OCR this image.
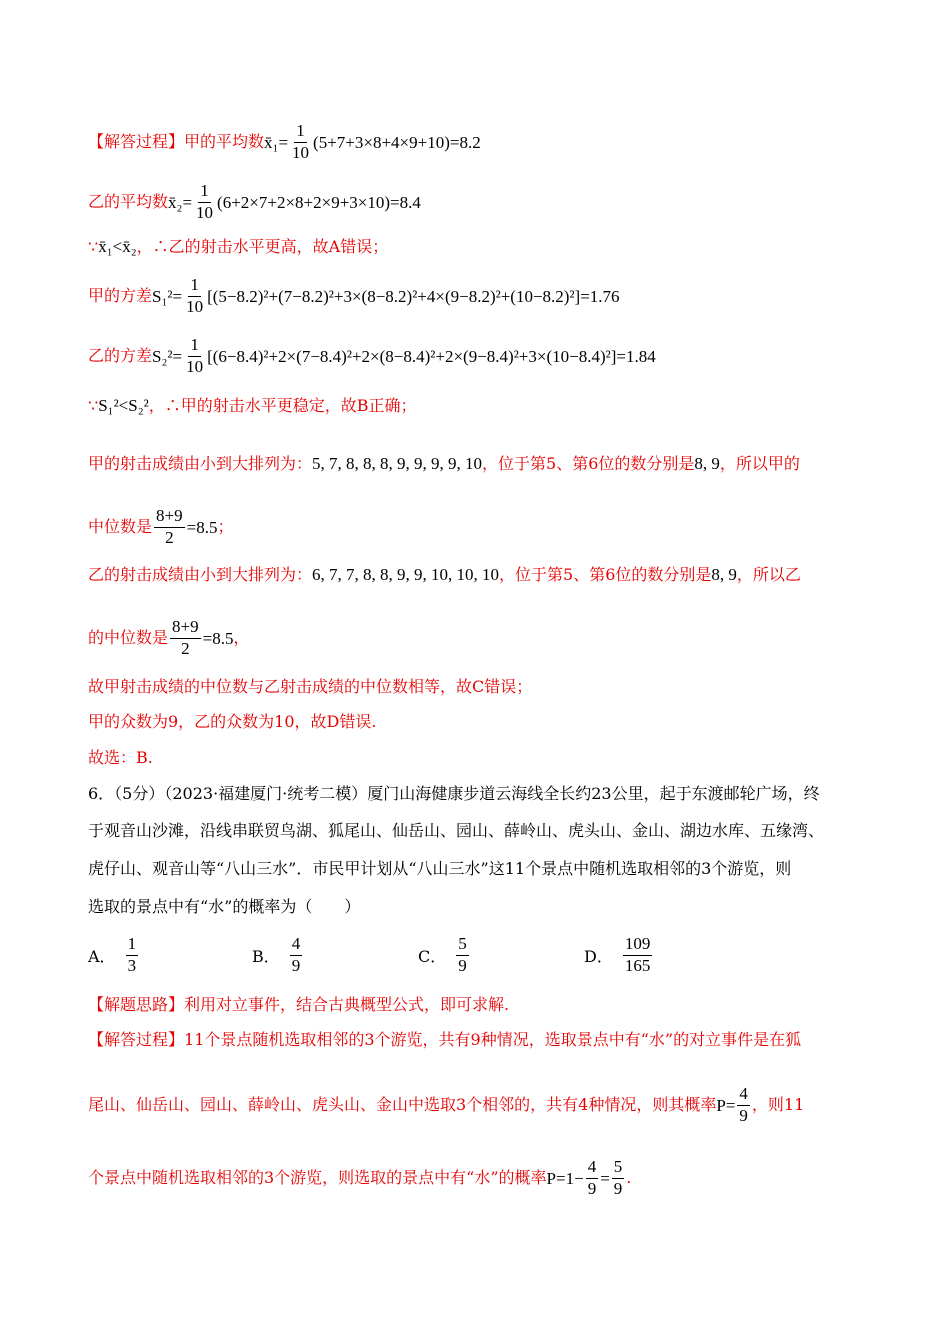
【解答过程】 甲的平均数 x̄₁= $\frac{1}{10} (5+7+3\times 8+4\times 9+10)=8.2$
乙的平均数 x̄₂= $\frac{1}{10} (6+2\times 7+2\times 8+2\times 9+3\times 10)=8.4$
∵ x̄₁<x̄₂ ，∴乙的射击水平更高，故A错误；
甲的方差 $S_1^2= \frac{1}{10} [(5-8.2)^2+(7-8.2)^2+3\times(8-8.2)^2+4\times(9-8.2)^2+(10-8.2)^2]=1.76$
乙的方差 $S_2^2= \frac{1}{10} [(6-8.4)^2+2\times(7-8.4)^2+2\times(8-8.4)^2+2\times(9-8.4)^2+3\times(10-8.4)^2]=1.84$
∵ S₁²<S₂² ，∴甲的射击水平更稳定，故B正确；
甲的射击成绩由小到大排列为： 5, 7, 8, 8, 8, 9, 9, 9, 9, 10 ，位于第5、第6位的数分别是 8, 9 ，所以甲的
中位数是 $\frac{8+9}{2} =8.5$ ；
乙的射击成绩由小到大排列为： 6, 7, 7, 8, 8, 9, 9, 10, 10, 10 ，位于第5、第6位的数分别是 8, 9 ，所以乙
的中位数是 $\frac{8+9}{2} =8.5$ ，
故甲射击成绩的中位数与乙射击成绩的中位数相等，故C错误；
甲的众数为9，乙的众数为10，故D错误.
故选：B.
6．（5分）（2023·福建厦门·统考二模）厦门山海健康步道云海线全长约23公里，起于东渡邮轮广场，终
于观音山沙滩，沿线串联贸鸟湖、狐尾山、仙岳山、园山、薛岭山、虎头山、金山、湖边水库、五缘湾、
虎仔山、观音山等“八山三水”．市民甲计划从“八山三水”这11个景点中随机选取相邻的3个游览，则
选取的景点中有“水”的概率为（　　）
A． $\frac{1}{3}$	B． $\frac{4}{9}$	C． $\frac{5}{9}$	D． $\frac{109}{165}$
【解题思路】 利用对立事件，结合古典概型公式，即可求解.
【解答过程】 11个景点随机选取相邻的3个游览，共有9种情况，选取景点中有“水”的对立事件是在狐
尾山、仙岳山、园山、薛岭山、虎头山、金山中选取3个相邻的，共有4种情况，则其概率 $P= \frac{4}{9}$ ，则11
个景点中随机选取相邻的3个游览，则选取的景点中有“水”的概率 $P=1- \frac{4}{9} = \frac{5}{9}$ .
